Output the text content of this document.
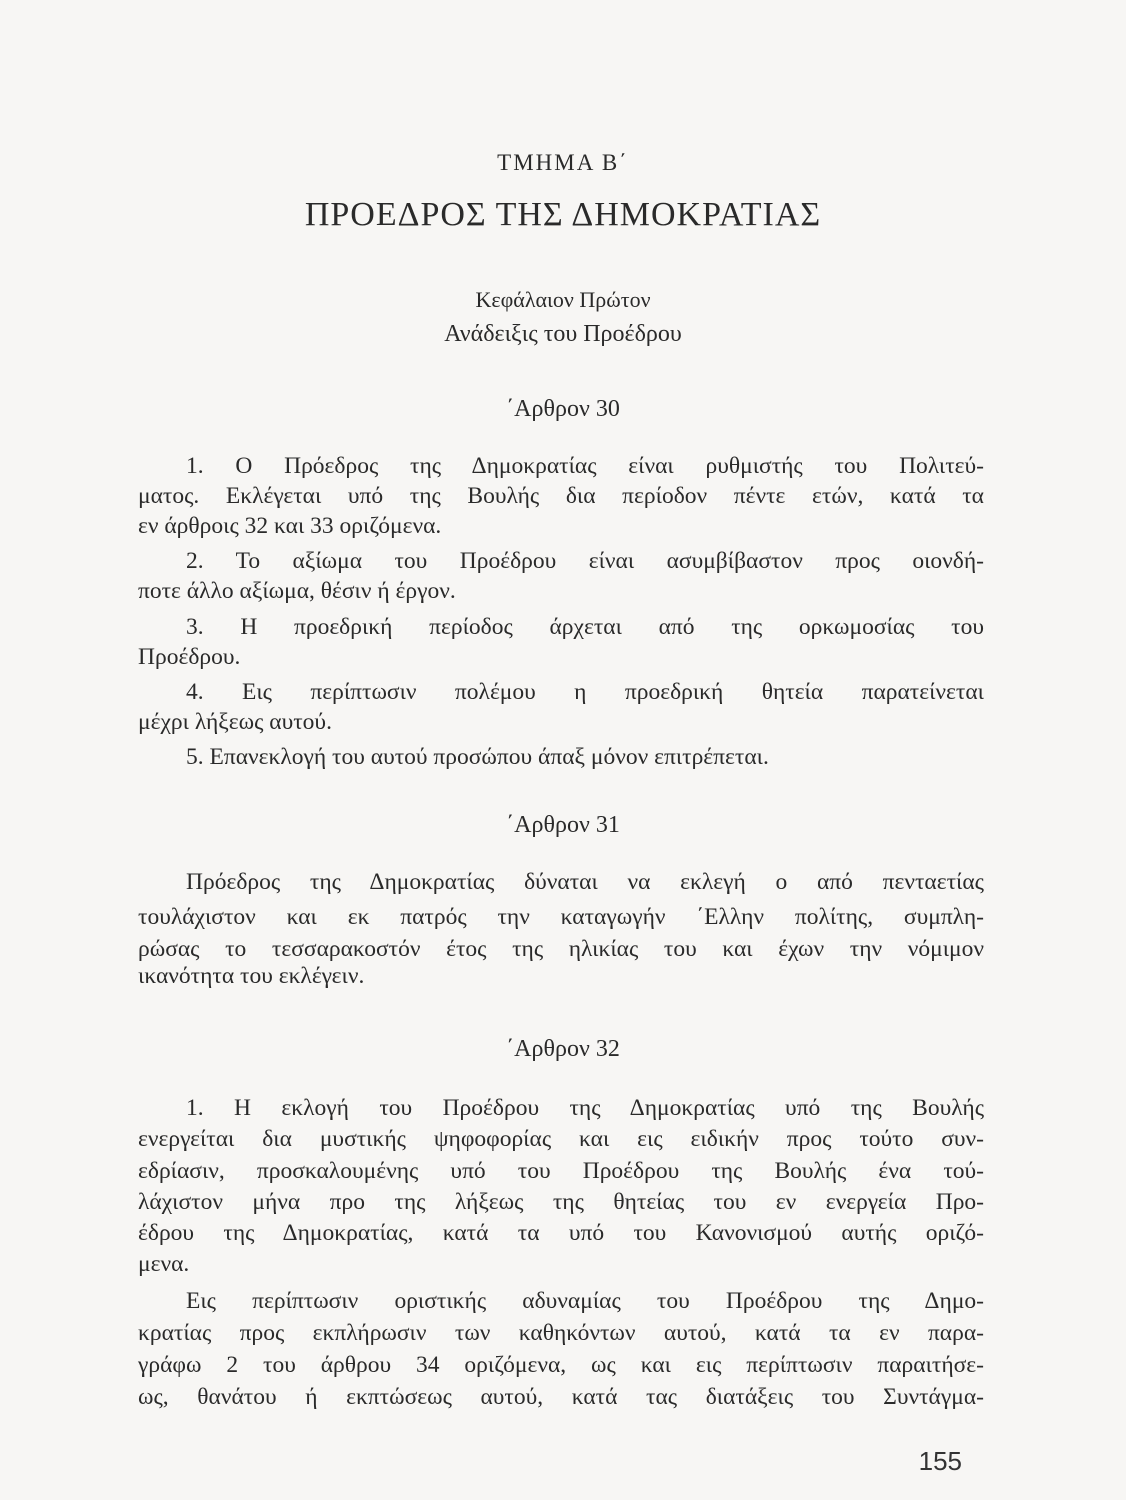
ΤΜΗΜΑ Β΄
ΠΡΟΕΔΡΟΣ ΤΗΣ ΔΗΜΟΚΡΑΤΙΑΣ
Κεφάλαιον Πρώτον
Ανάδειξις του Προέδρου
΄Αρθρον 30
1. Ο Πρόεδρος της Δημοκρατίας είναι ρυθμιστής του Πολιτεύ-
ματος. Εκλέγεται υπό της Βουλής δια περίοδον πέντε ετών, κατά τα
εν άρθροις 32 και 33 οριζόμενα.
2. Το αξίωμα του Προέδρου είναι ασυμβίβαστον προς οιονδή-
ποτε άλλο αξίωμα, θέσιν ή έργον.
3. Η προεδρική περίοδος άρχεται από της ορκωμοσίας του
Προέδρου.
4. Εις περίπτωσιν πολέμου η προεδρική θητεία παρατείνεται
μέχρι λήξεως αυτού.
5. Επανεκλογή του αυτού προσώπου άπαξ μόνον επιτρέπεται.
΄Αρθρον 31
Πρόεδρος της Δημοκρατίας δύναται να εκλεγή ο από πενταετίας
τουλάχιστον και εκ πατρός την καταγωγήν ΄Ελλην πολίτης, συμπλη-
ρώσας το τεσσαρακοστόν έτος της ηλικίας του και έχων την νόμιμον
ικανότητα του εκλέγειν.
΄Αρθρον 32
1. Η εκλογή του Προέδρου της Δημοκρατίας υπό της Βουλής
ενεργείται δια μυστικής ψηφοφορίας και εις ειδικήν προς τούτο συν-
εδρίασιν, προσκαλουμένης υπό του Προέδρου της Βουλής ένα τού-
λάχιστον μήνα προ της λήξεως της θητείας του εν ενεργεία Προ-
έδρου της Δημοκρατίας, κατά τα υπό του Κανονισμού αυτής οριζό-
μενα.
Εις περίπτωσιν οριστικής αδυναμίας του Προέδρου της Δημο-
κρατίας προς εκπλήρωσιν των καθηκόντων αυτού, κατά τα εν παρα-
γράφω 2 του άρθρου 34 οριζόμενα, ως και εις περίπτωσιν παραιτήσε-
ως, θανάτου ή εκπτώσεως αυτού, κατά τας διατάξεις του Συντάγμα-
155
